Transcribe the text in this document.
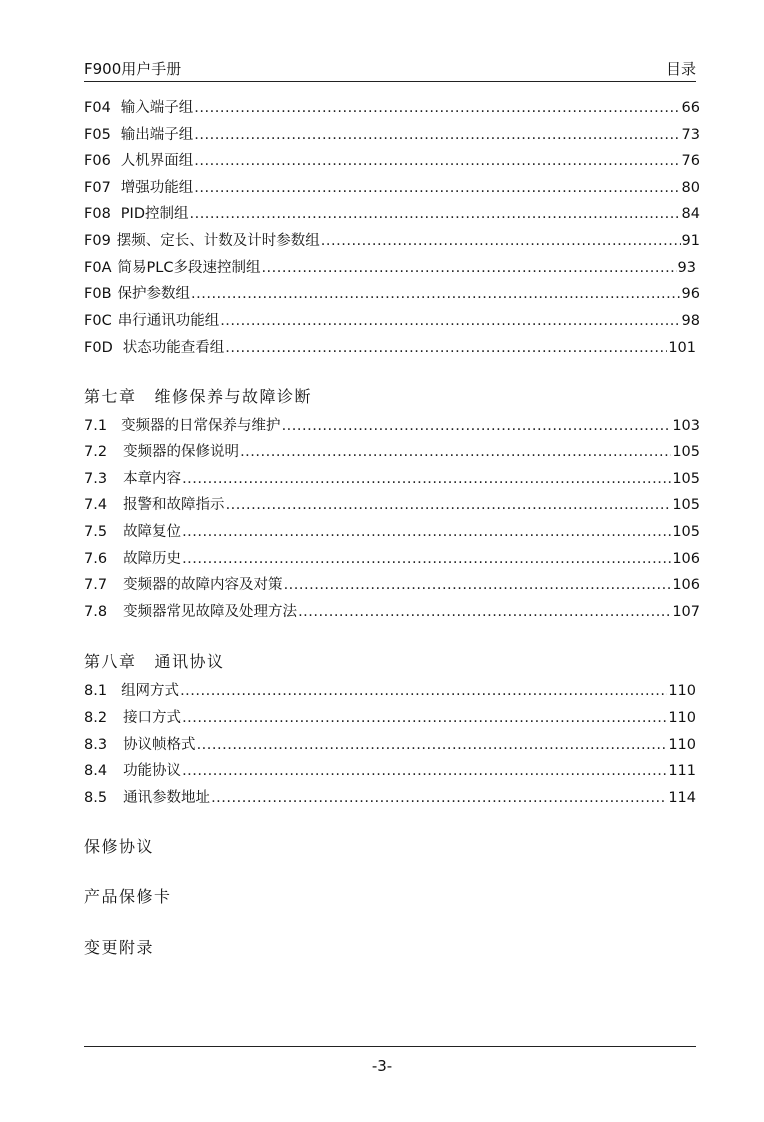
F900用户手册	目录
F04 输入端子组 .....	66
F05 输出端子组 .....	73
F06 人机界面组 .....	76
F07 增强功能组 .....	80
F08 PID控制组 .....	84
F09 摆频、定长、计数及计时参数组 .....	91
F0A 简易PLC多段速控制组 .....	93
F0B 保护参数组 .....	96
F0C 串行通讯功能组 .....	98
F0D 状态功能查看组 .....	101
第七章 维修保养与故障诊断
7.1 变频器的日常保养与维护 .....	103
7.2 变频器的保修说明 .....	105
7.3 本章内容 .....	105
7.4 报警和故障指示 .....	105
7.5 故障复位 .....	105
7.6 故障历史 .....	106
7.7 变频器的故障内容及对策 .....	106
7.8 变频器常见故障及处理方法 .....	107
第八章 通讯协议
8.1 组网方式 .....	110
8.2 接口方式 .....	110
8.3 协议帧格式 .....	110
8.4 功能协议 .....	111
8.5 通讯参数地址 .....	114
保修协议
产品保修卡
变更附录
-3-
